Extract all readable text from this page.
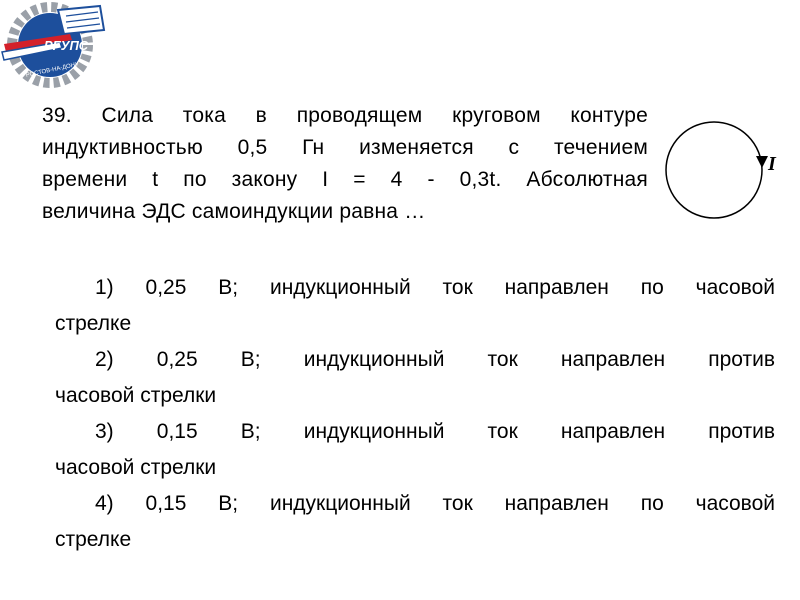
РГУПС
РОСТОВ-НА-ДОНУ
39. Сила тока в проводящем круговом контуре
индуктивностью 0,5 Гн изменяется с течением
времени t по закону I = 4 - 0,3t. Абсолютная
величина ЭДС самоиндукции равна …
I
1) 0,25 В; индукционный ток направлен по часовой
стрелке
2) 0,25 В; индукционный ток направлен против
часовой стрелки
3) 0,15 В; индукционный ток направлен против
часовой стрелки
4) 0,15 В; индукционный ток направлен по часовой
стрелке
